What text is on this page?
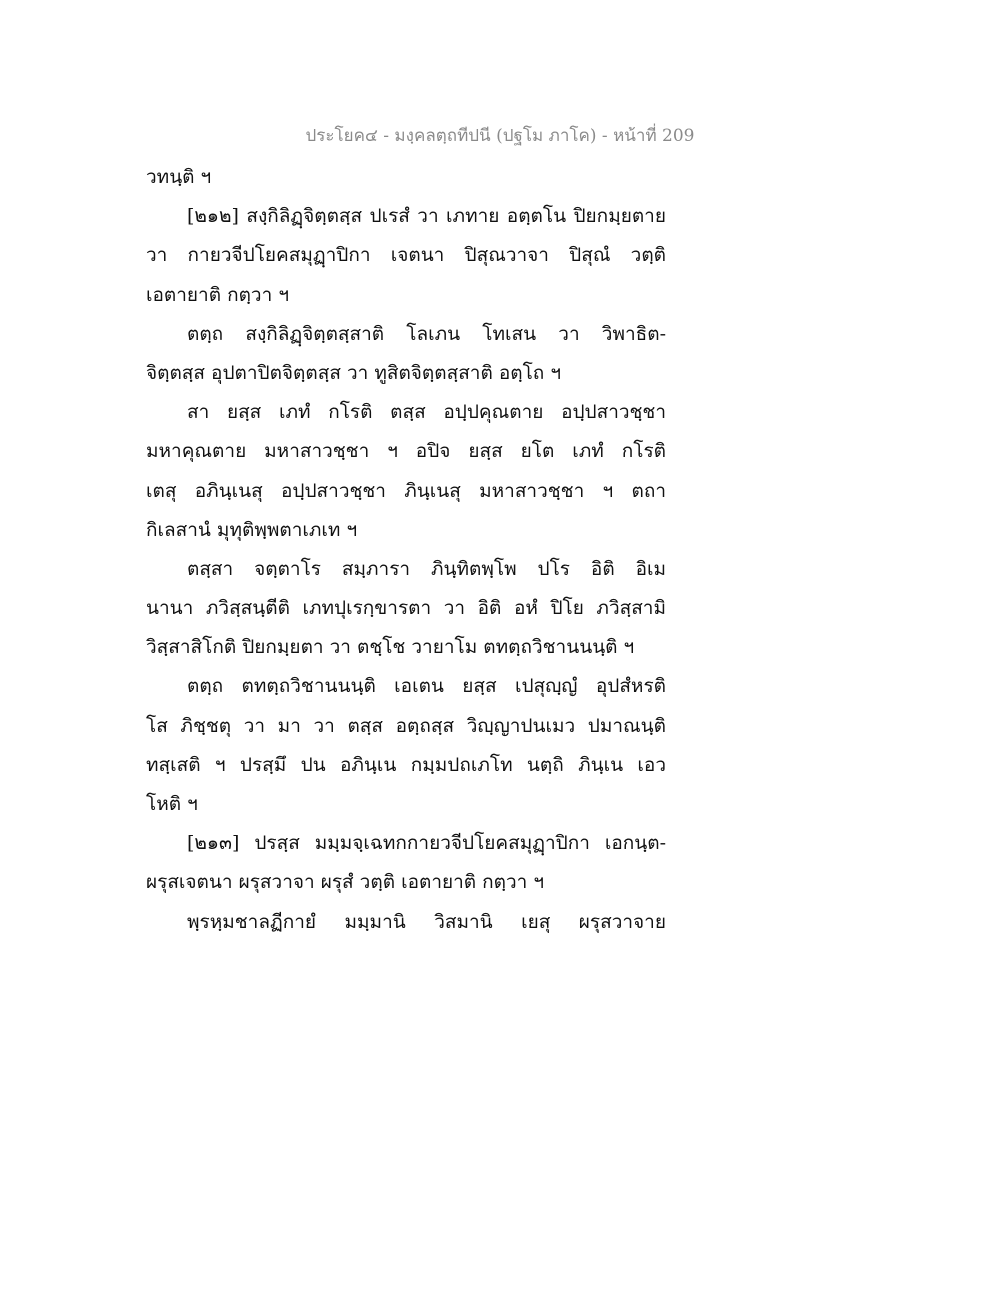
ประโยค๔ - มงฺคลตฺถทีปนี (ปฐโม ภาโค) - หน้าที่ 209
วทนฺติ ฯ
[๒๑๒] สงฺกิลิฏฺจิตฺตสฺส ปเรสํ วา เภทาย อตฺตโน ปิยกมฺยตาย
วา กายวจีปโยคสมุฏฺาปิกา เจตนา ปิสุณวาจา ปิสุณํ วตฺติ
เอตายาติ กตฺวา ฯ
ตตฺถ สงฺกิลิฏฺจิตฺตสฺสาติ โลเภน โทเสน วา วิพาธิต-
จิตฺตสฺส อุปตาปิตจิตฺตสฺส วา ทูสิตจิตฺตสฺสาติ อตฺโถ ฯ
สา ยสฺส เภทํ กโรติ ตสฺส อปฺปคุณตาย อปฺปสาวชฺชา
มหาคุณตาย มหาสาวชฺชา ฯ อปิจ ยสฺส ยโต เภทํ กโรติ
เตสุ อภินฺเนสุ อปฺปสาวชฺชา ภินฺเนสุ มหาสาวชฺชา ฯ ตถา
กิเลสานํ มุทุติพฺพตาเภเท ฯ
ตสฺสา จตฺตาโร สมฺภารา ภินฺทิตพฺโพ ปโร อิติ อิเม
นานา ภวิสฺสนฺตีติ เภทปุเรกฺขารตา วา อิติ อหํ ปิโย ภวิสฺสามิ
วิสฺสาสิโกติ ปิยกมฺยตา วา ตชฺโช วายาโม ตทตฺถวิชานนนฺติ ฯ
ตตฺถ ตทตฺถวิชานนนฺติ เอเตน ยสฺส เปสุญฺญํ อุปสํหรติ
โส ภิชฺชตุ วา มา วา ตสฺส อตฺถสฺส วิญฺญาปนเมว ปมาณนฺติ
ทสฺเสติ ฯ ปรสฺมึ ปน อภินฺเน กมฺมปถเภโท นตฺถิ ภินฺเน เอว
โหติ ฯ
[๒๑๓] ปรสฺส มมฺมจฺเฉทกกายวจีปโยคสมุฏฺาปิกา เอกนฺต-
ผรุสเจตนา ผรุสวาจา ผรุสํ วตฺติ เอตายาติ กตฺวา ฯ
พฺรหฺมชาลฏีกายํ มมฺมานิ วิสมานิ เยสุ ผรุสวาจาย
